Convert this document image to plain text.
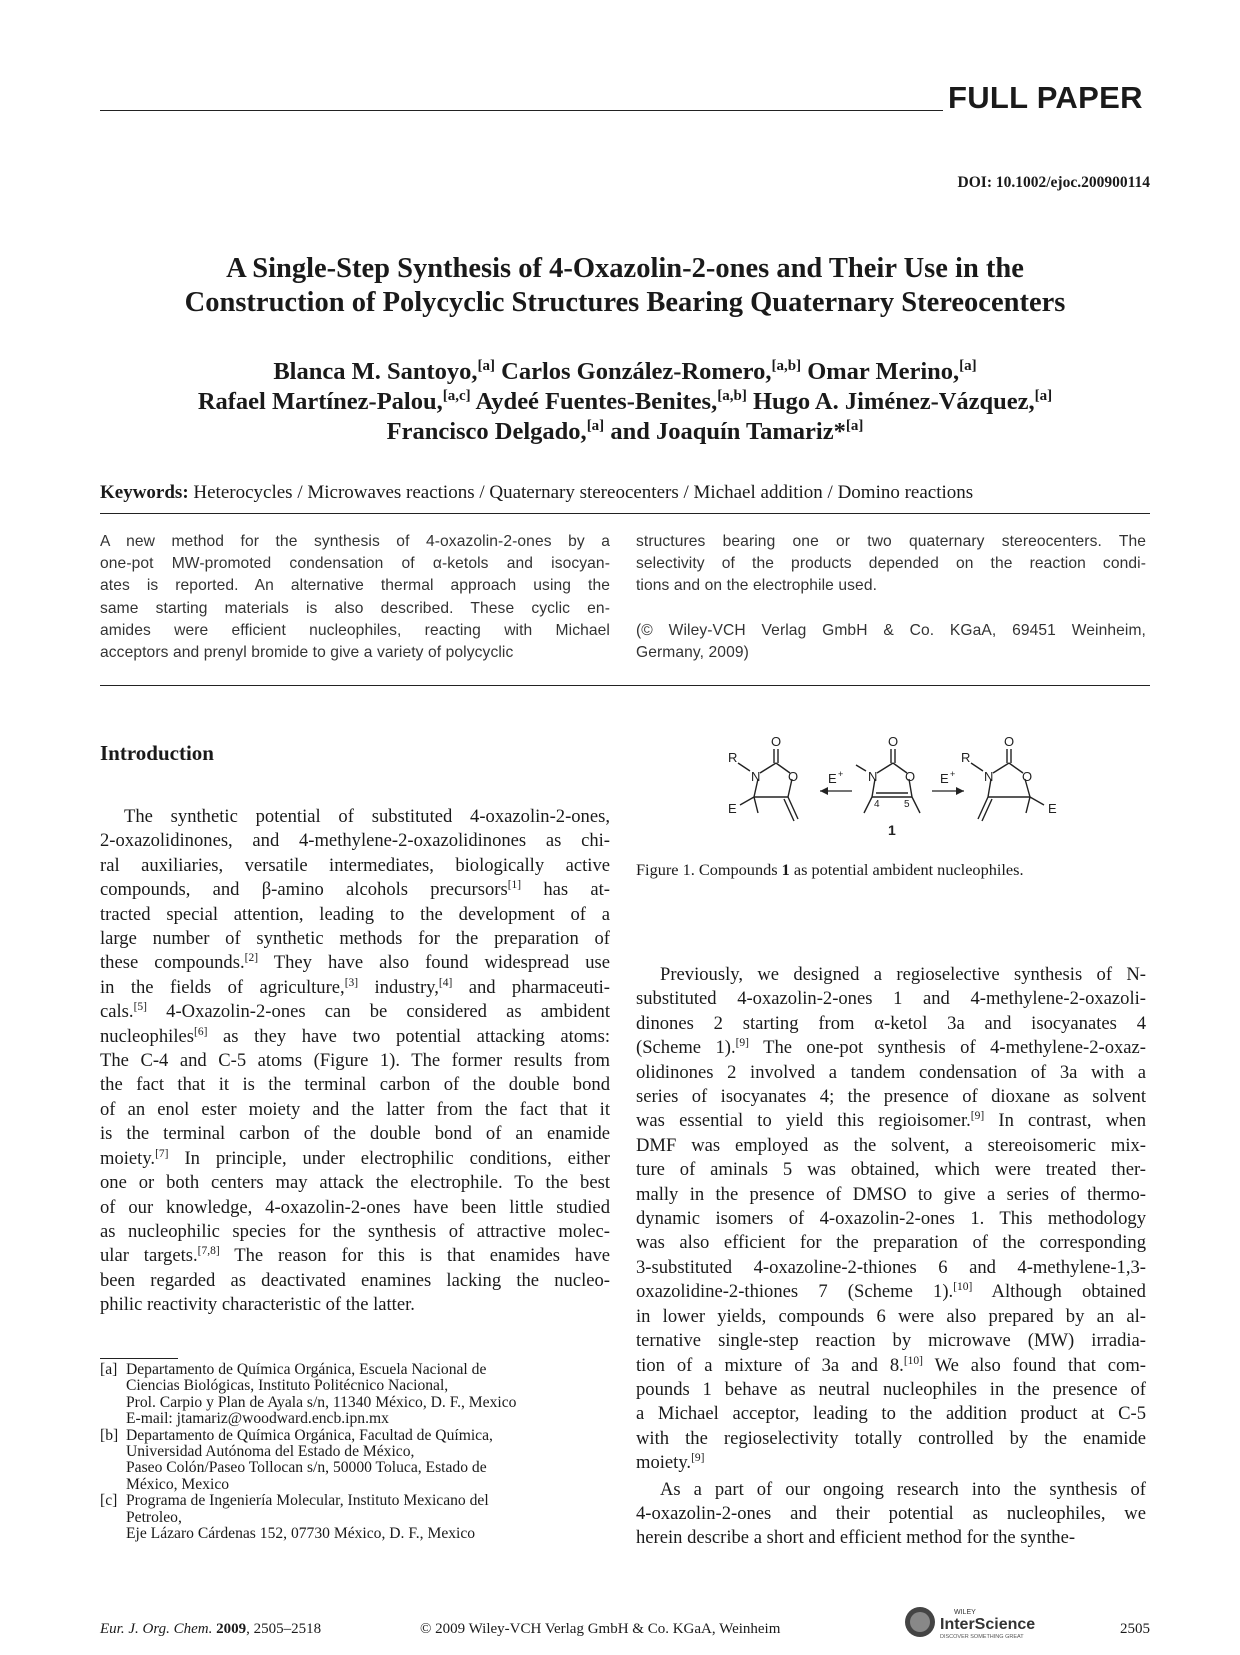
FULL PAPER
DOI: 10.1002/ejoc.200900114
A Single-Step Synthesis of 4-Oxazolin-2-ones and Their Use in the
Construction of Polycyclic Structures Bearing Quaternary Stereocenters
Blanca M. Santoyo,[a] Carlos González-Romero,[a,b] Omar Merino,[a]
Rafael Martínez-Palou,[a,c] Aydeé Fuentes-Benites,[a,b] Hugo A. Jiménez-Vázquez,[a]
Francisco Delgado,[a] and Joaquín Tamariz*[a]
Keywords: Heterocycles / Microwaves reactions / Quaternary stereocenters / Michael addition / Domino reactions
A new method for the synthesis of 4-oxazolin-2-ones by a
one-pot MW-promoted condensation of α-ketols and isocyan-
ates is reported. An alternative thermal approach using the
same starting materials is also described. These cyclic en-
amides were efficient nucleophiles, reacting with Michael
acceptors and prenyl bromide to give a variety of polycyclic
structures bearing one or two quaternary stereocenters. The
selectivity of the products depended on the reaction condi-
tions and on the electrophile used.
(© Wiley-VCH Verlag GmbH & Co. KGaA, 69451 Weinheim,
Germany, 2009)
Introduction
The synthetic potential of substituted 4-oxazolin-2-ones,
2-oxazolidinones, and 4-methylene-2-oxazolidinones as chi-
ral auxiliaries, versatile intermediates, biologically active
compounds, and β-amino alcohols precursors[1] has at-
tracted special attention, leading to the development of a
large number of synthetic methods for the preparation of
these compounds.[2] They have also found widespread use
in the fields of agriculture,[3] industry,[4] and pharmaceuti-
cals.[5] 4-Oxazolin-2-ones can be considered as ambident
nucleophiles[6] as they have two potential attacking atoms:
The C-4 and C-5 atoms (Figure 1). The former results from
the fact that it is the terminal carbon of the double bond
of an enol ester moiety and the latter from the fact that it
is the terminal carbon of the double bond of an enamide
moiety.[7] In principle, under electrophilic conditions, either
one or both centers may attack the electrophile. To the best
of our knowledge, 4-oxazolin-2-ones have been little studied
as nucleophilic species for the synthesis of attractive molec-
ular targets.[7,8] The reason for this is that enamides have
been regarded as deactivated enamines lacking the nucleo-
philic reactivity characteristic of the latter.
O
N O
R
E
E +
O
N O
4 5
1
E +
O
N O
R
E
Figure 1. Compounds 1 as potential ambident nucleophiles.
Previously, we designed a regioselective synthesis of N-
substituted 4-oxazolin-2-ones 1 and 4-methylene-2-oxazoli-
dinones 2 starting from α-ketol 3a and isocyanates 4
(Scheme 1).[9] The one-pot synthesis of 4-methylene-2-oxaz-
olidinones 2 involved a tandem condensation of 3a with a
series of isocyanates 4; the presence of dioxane as solvent
was essential to yield this regioisomer.[9] In contrast, when
DMF was employed as the solvent, a stereoisomeric mix-
ture of aminals 5 was obtained, which were treated ther-
mally in the presence of DMSO to give a series of thermo-
dynamic isomers of 4-oxazolin-2-ones 1. This methodology
was also efficient for the preparation of the corresponding
3-substituted 4-oxazoline-2-thiones 6 and 4-methylene-1,3-
oxazolidine-2-thiones 7 (Scheme 1).[10] Although obtained
in lower yields, compounds 6 were also prepared by an al-
ternative single-step reaction by microwave (MW) irradia-
tion of a mixture of 3a and 8.[10] We also found that com-
pounds 1 behave as neutral nucleophiles in the presence of
a Michael acceptor, leading to the addition product at C-5
with the regioselectivity totally controlled by the enamide
moiety.[9]
As a part of our ongoing research into the synthesis of
4-oxazolin-2-ones and their potential as nucleophiles, we
herein describe a short and efficient method for the synthe-
[a] Departamento de Química Orgánica, Escuela Nacional de
Ciencias Biológicas, Instituto Politécnico Nacional,
Prol. Carpio y Plan de Ayala s/n, 11340 México, D. F., Mexico
E-mail: jtamariz@woodward.encb.ipn.mx
[b] Departamento de Química Orgánica, Facultad de Química,
Universidad Autónoma del Estado de México,
Paseo Colón/Paseo Tollocan s/n, 50000 Toluca, Estado de
México, Mexico
[c] Programa de Ingeniería Molecular, Instituto Mexicano del
Petroleo,
Eje Lázaro Cárdenas 152, 07730 México, D. F., Mexico
Eur. J. Org. Chem. 2009, 2505–2518	© 2009 Wiley-VCH Verlag GmbH & Co. KGaA, Weinheim
WILEY
InterScience
DISCOVER SOMETHING GREAT	2505
